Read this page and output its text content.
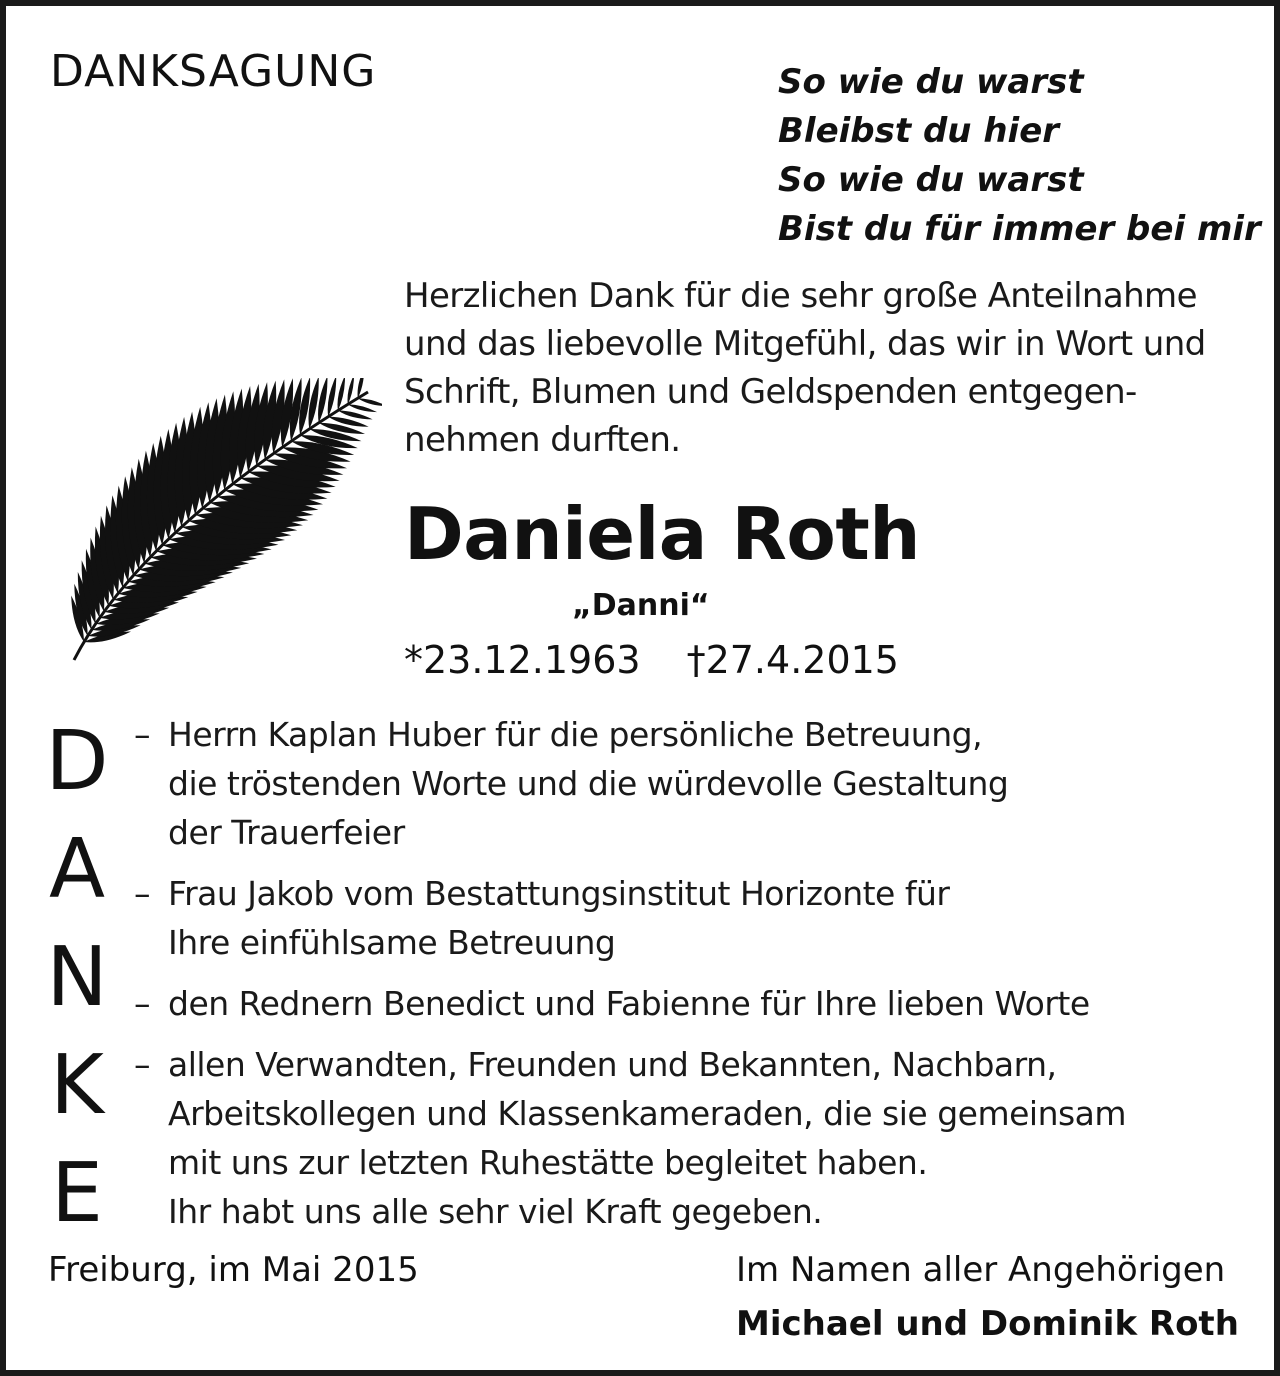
DANKSAGUNG	So wie du warst
Bleibst du hier
So wie du warst
Bist du für immer bei mir
Herzlichen Dank für die sehr große Anteilnahme
und das liebevolle Mitgefühl, das wir in Wort und
Schrift, Blumen und Geldspenden entgegen-
nehmen durften.
Daniela Roth
„Danni“
*23.12.1963 †27.4.2015
D
A
N
K
E
– Herrn Kaplan Huber für die persönliche Betreuung,
die tröstenden Worte und die würdevolle Gestaltung
der Trauerfeier
– Frau Jakob vom Bestattungsinstitut Horizonte für
Ihre einfühlsame Betreuung
– den Rednern Benedict und Fabienne für Ihre lieben Worte
– allen Verwandten, Freunden und Bekannten, Nachbarn,
Arbeitskollegen und Klassenkameraden, die sie gemeinsam
mit uns zur letzten Ruhestätte begleitet haben.
Ihr habt uns alle sehr viel Kraft gegeben.
Freiburg, im Mai 2015	Im Namen aller Angehörigen
Michael und Dominik Roth
